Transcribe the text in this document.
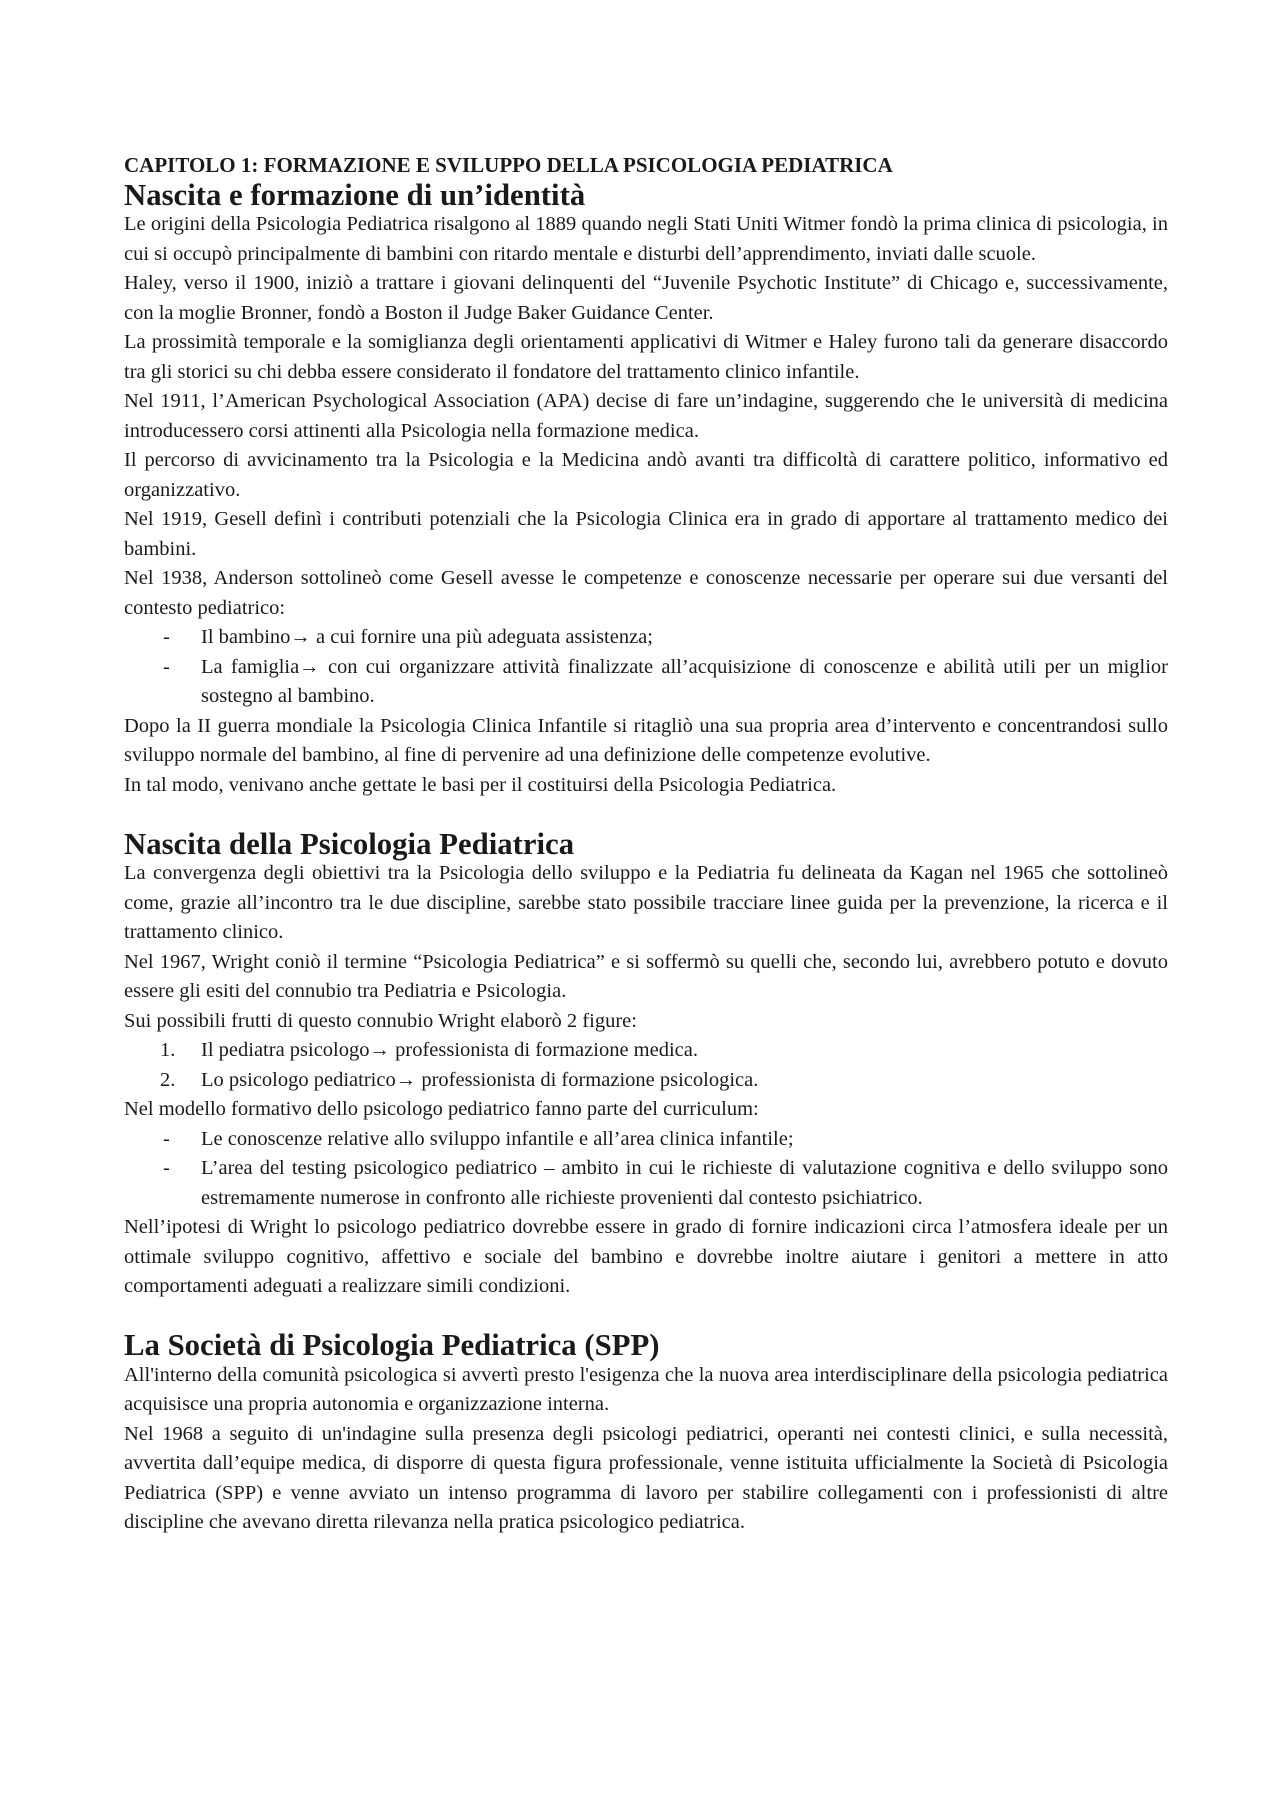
CAPITOLO 1: FORMAZIONE E SVILUPPO DELLA PSICOLOGIA PEDIATRICA
Nascita e formazione di un’identità

Le origini della Psicologia Pediatrica risalgono al 1889 quando negli Stati Uniti Witmer fondò la prima clinica di psicologia, in cui si occupò principalmente di bambini con ritardo mentale e disturbi dell’apprendimento, inviati dalle scuole.

Haley, verso il 1900, iniziò a trattare i giovani delinquenti del “Juvenile Psychotic Institute” di Chicago e, successivamente, con la moglie Bronner, fondò a Boston il Judge Baker Guidance Center.

La prossimità temporale e la somiglianza degli orientamenti applicativi di Witmer e Haley furono tali da generare disaccordo tra gli storici su chi debba essere considerato il fondatore del trattamento clinico infantile.

Nel 1911, l’American Psychological Association (APA) decise di fare un’indagine, suggerendo che le università di medicina introducessero corsi attinenti alla Psicologia nella formazione medica.

Il percorso di avvicinamento tra la Psicologia e la Medicina andò avanti tra difficoltà di carattere politico, informativo ed organizzativo.

Nel 1919, Gesell definì i contributi potenziali che la Psicologia Clinica era in grado di apportare al trattamento medico dei bambini.

Nel 1938, Anderson sottolineò come Gesell avesse le competenze e conoscenze necessarie per operare sui due versanti del contesto pediatrico:

- Il bambino→ a cui fornire una più adeguata assistenza;
- La famiglia→ con cui organizzare attività finalizzate all’acquisizione di conoscenze e abilità utili per un miglior sostegno al bambino.

Dopo la II guerra mondiale la Psicologia Clinica Infantile si ritagliò una sua propria area d’intervento e concentrandosi sullo sviluppo normale del bambino, al fine di pervenire ad una definizione delle competenze evolutive.

In tal modo, venivano anche gettate le basi per il costituirsi della Psicologia Pediatrica.

Nascita della Psicologia Pediatrica

La convergenza degli obiettivi tra la Psicologia dello sviluppo e la Pediatria fu delineata da Kagan nel 1965 che sottolineò come, grazie all’incontro tra le due discipline, sarebbe stato possibile tracciare linee guida per la prevenzione, la ricerca e il trattamento clinico.

Nel 1967, Wright coniò il termine “Psicologia Pediatrica” e si soffermò su quelli che, secondo lui, avrebbero potuto e dovuto essere gli esiti del connubio tra Pediatria e Psicologia.

Sui possibili frutti di questo connubio Wright elaborò 2 figure:

1. Il pediatra psicologo→ professionista di formazione medica.
2. Lo psicologo pediatrico→ professionista di formazione psicologica.

Nel modello formativo dello psicologo pediatrico fanno parte del curriculum:

- Le conoscenze relative allo sviluppo infantile e all’area clinica infantile;
- L’area del testing psicologico pediatrico – ambito in cui le richieste di valutazione cognitiva e dello sviluppo sono estremamente numerose in confronto alle richieste provenienti dal contesto psichiatrico.

Nell’ipotesi di Wright lo psicologo pediatrico dovrebbe essere in grado di fornire indicazioni circa l’atmosfera ideale per un ottimale sviluppo cognitivo, affettivo e sociale del bambino e dovrebbe inoltre aiutare i genitori a mettere in atto comportamenti adeguati a realizzare simili condizioni.

La Società di Psicologia Pediatrica (SPP)

All'interno della comunità psicologica si avvertì presto l'esigenza che la nuova area interdisciplinare della psicologia pediatrica acquisisce una propria autonomia e organizzazione interna.

Nel 1968 a seguito di un'indagine sulla presenza degli psicologi pediatrici, operanti nei contesti clinici, e sulla necessità, avvertita dall’equipe medica, di disporre di questa figura professionale, venne istituita ufficialmente la Società di Psicologia Pediatrica (SPP) e venne avviato un intenso programma di lavoro per stabilire collegamenti con i professionisti di altre discipline che avevano diretta rilevanza nella pratica psicologico pediatrica.
